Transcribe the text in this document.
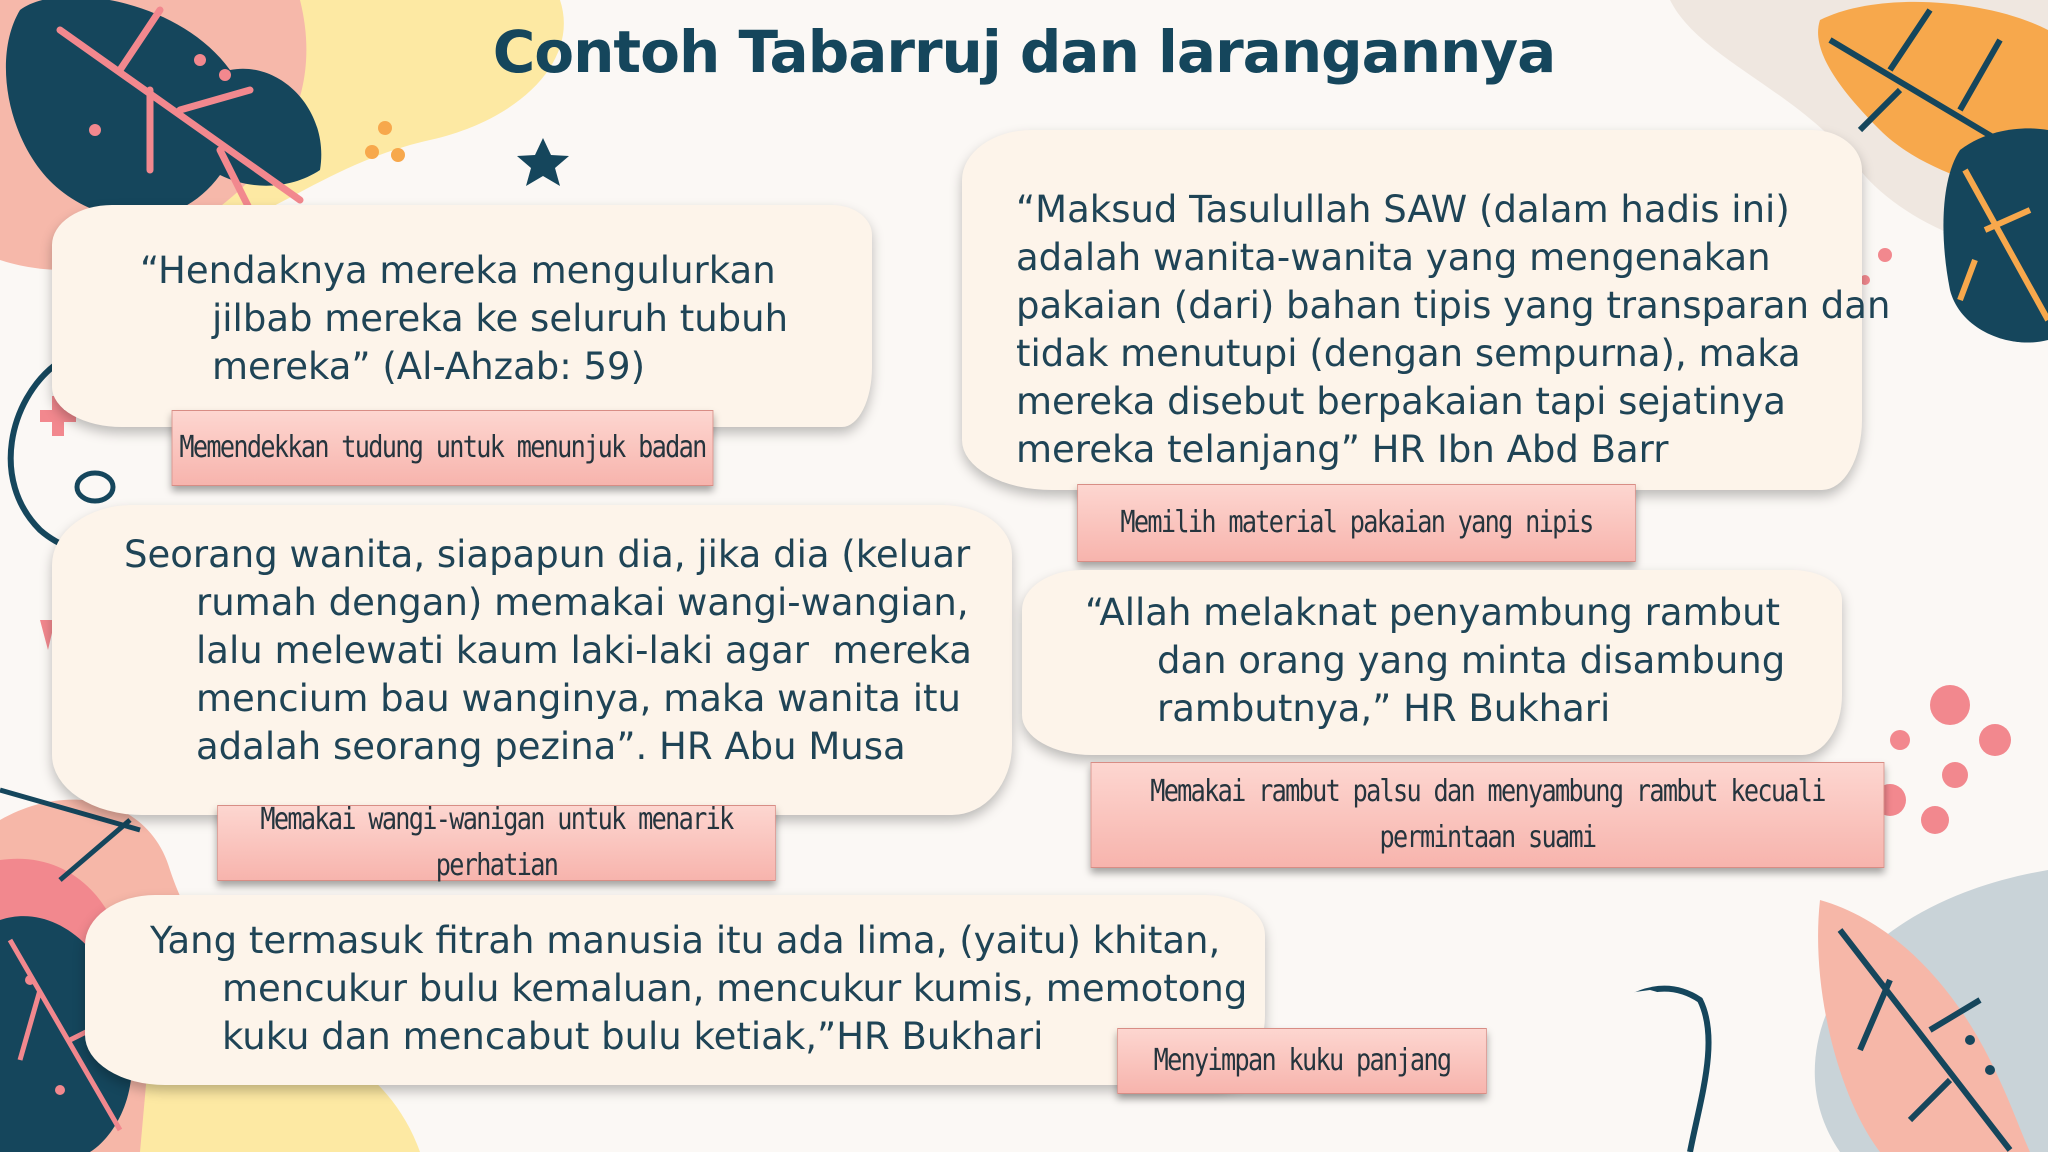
Contoh Tabarruj dan larangannya
“Hendaknya mereka mengulurkan
jilbab mereka ke seluruh tubuh
mereka” (Al-Ahzab: 59)
Memendekkan tudung untuk menunjuk badan
“Maksud Tasulullah SAW (dalam hadis ini)
adalah wanita-wanita yang mengenakan
pakaian (dari) bahan tipis yang transparan dan
tidak menutupi (dengan sempurna), maka
mereka disebut berpakaian tapi sejatinya
mereka telanjang” HR Ibn Abd Barr
Memilih material pakaian yang nipis
Seorang wanita, siapapun dia, jika dia (keluar
rumah dengan) memakai wangi-wangian,
lalu melewati kaum laki-laki agar  mereka
mencium bau wanginya, maka wanita itu
adalah seorang pezina”. HR Abu Musa
Memakai wangi-wanigan untuk menarik perhatian
“Allah melaknat penyambung rambut
dan orang yang minta disambung
rambutnya,” HR Bukhari
Memakai rambut palsu dan menyambung rambut kecuali permintaan suami
Yang termasuk fitrah manusia itu ada lima, (yaitu) khitan,
mencukur bulu kemaluan, mencukur kumis, memotong
kuku dan mencabut bulu ketiak,”HR Bukhari
Menyimpan kuku panjang
